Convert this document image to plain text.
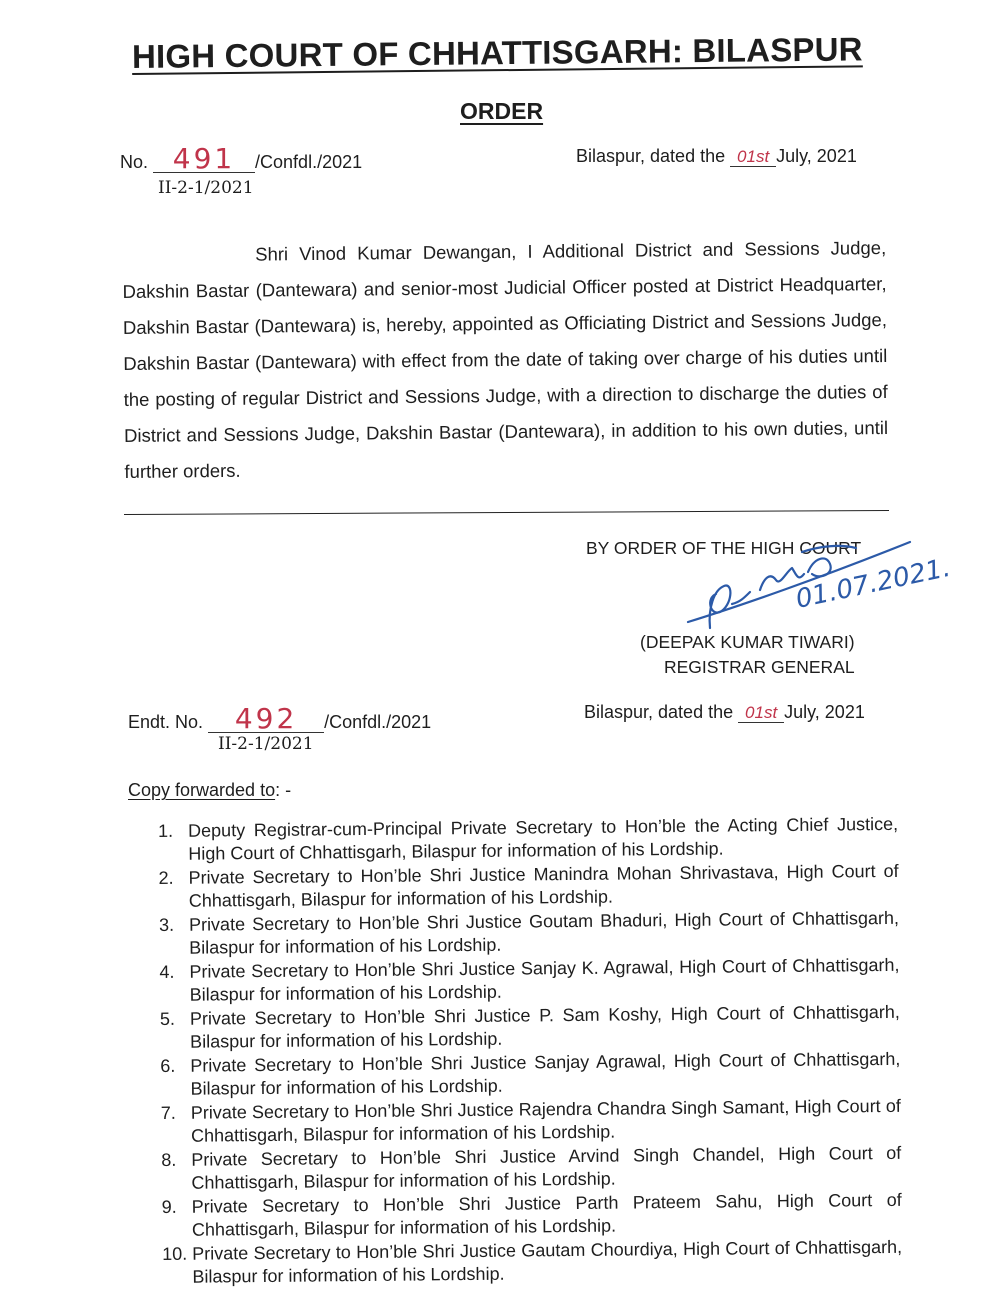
HIGH COURT OF CHHATTISGARH: BILASPUR
ORDER
No. 491 /Confdl./2021
II-2-1/2021
Bilaspur, dated the 01st July, 2021

Shri Vinod Kumar Dewangan, I Additional District and Sessions Judge, Dakshin Bastar (Dantewara) and senior-most Judicial Officer posted at District Headquarter, Dakshin Bastar (Dantewara) is, hereby, appointed as Officiating District and Sessions Judge, Dakshin Bastar (Dantewara) with effect from the date of taking over charge of his duties until the posting of regular District and Sessions Judge, with a direction to discharge the duties of District and Sessions Judge, Dakshin Bastar (Dantewara), in addition to his own duties, until further orders.

BY ORDER OF THE HIGH COURT
01.07.2021.
(DEEPAK KUMAR TIWARI)
REGISTRAR GENERAL
Endt. No. 492 /Confdl./2021
II-2-1/2021
Bilaspur, dated the 01st July, 2021
Copy forwarded to: -
1. Deputy Registrar-cum-Principal Private Secretary to Hon’ble the Acting Chief Justice, High Court of Chhattisgarh, Bilaspur for information of his Lordship.
2. Private Secretary to Hon’ble Shri Justice Manindra Mohan Shrivastava, High Court of Chhattisgarh, Bilaspur for information of his Lordship.
3. Private Secretary to Hon’ble Shri Justice Goutam Bhaduri, High Court of Chhattisgarh, Bilaspur for information of his Lordship.
4. Private Secretary to Hon’ble Shri Justice Sanjay K. Agrawal, High Court of Chhattisgarh, Bilaspur for information of his Lordship.
5. Private Secretary to Hon’ble Shri Justice P. Sam Koshy, High Court of Chhattisgarh, Bilaspur for information of his Lordship.
6. Private Secretary to Hon’ble Shri Justice Sanjay Agrawal, High Court of Chhattisgarh, Bilaspur for information of his Lordship.
7. Private Secretary to Hon’ble Shri Justice Rajendra Chandra Singh Samant, High Court of Chhattisgarh, Bilaspur for information of his Lordship.
8. Private Secretary to Hon’ble Shri Justice Arvind Singh Chandel, High Court of Chhattisgarh, Bilaspur for information of his Lordship.
9. Private Secretary to Hon’ble Shri Justice Parth Prateem Sahu, High Court of Chhattisgarh, Bilaspur for information of his Lordship.
10. Private Secretary to Hon’ble Shri Justice Gautam Chourdiya, High Court of Chhattisgarh, Bilaspur for information of his Lordship.
